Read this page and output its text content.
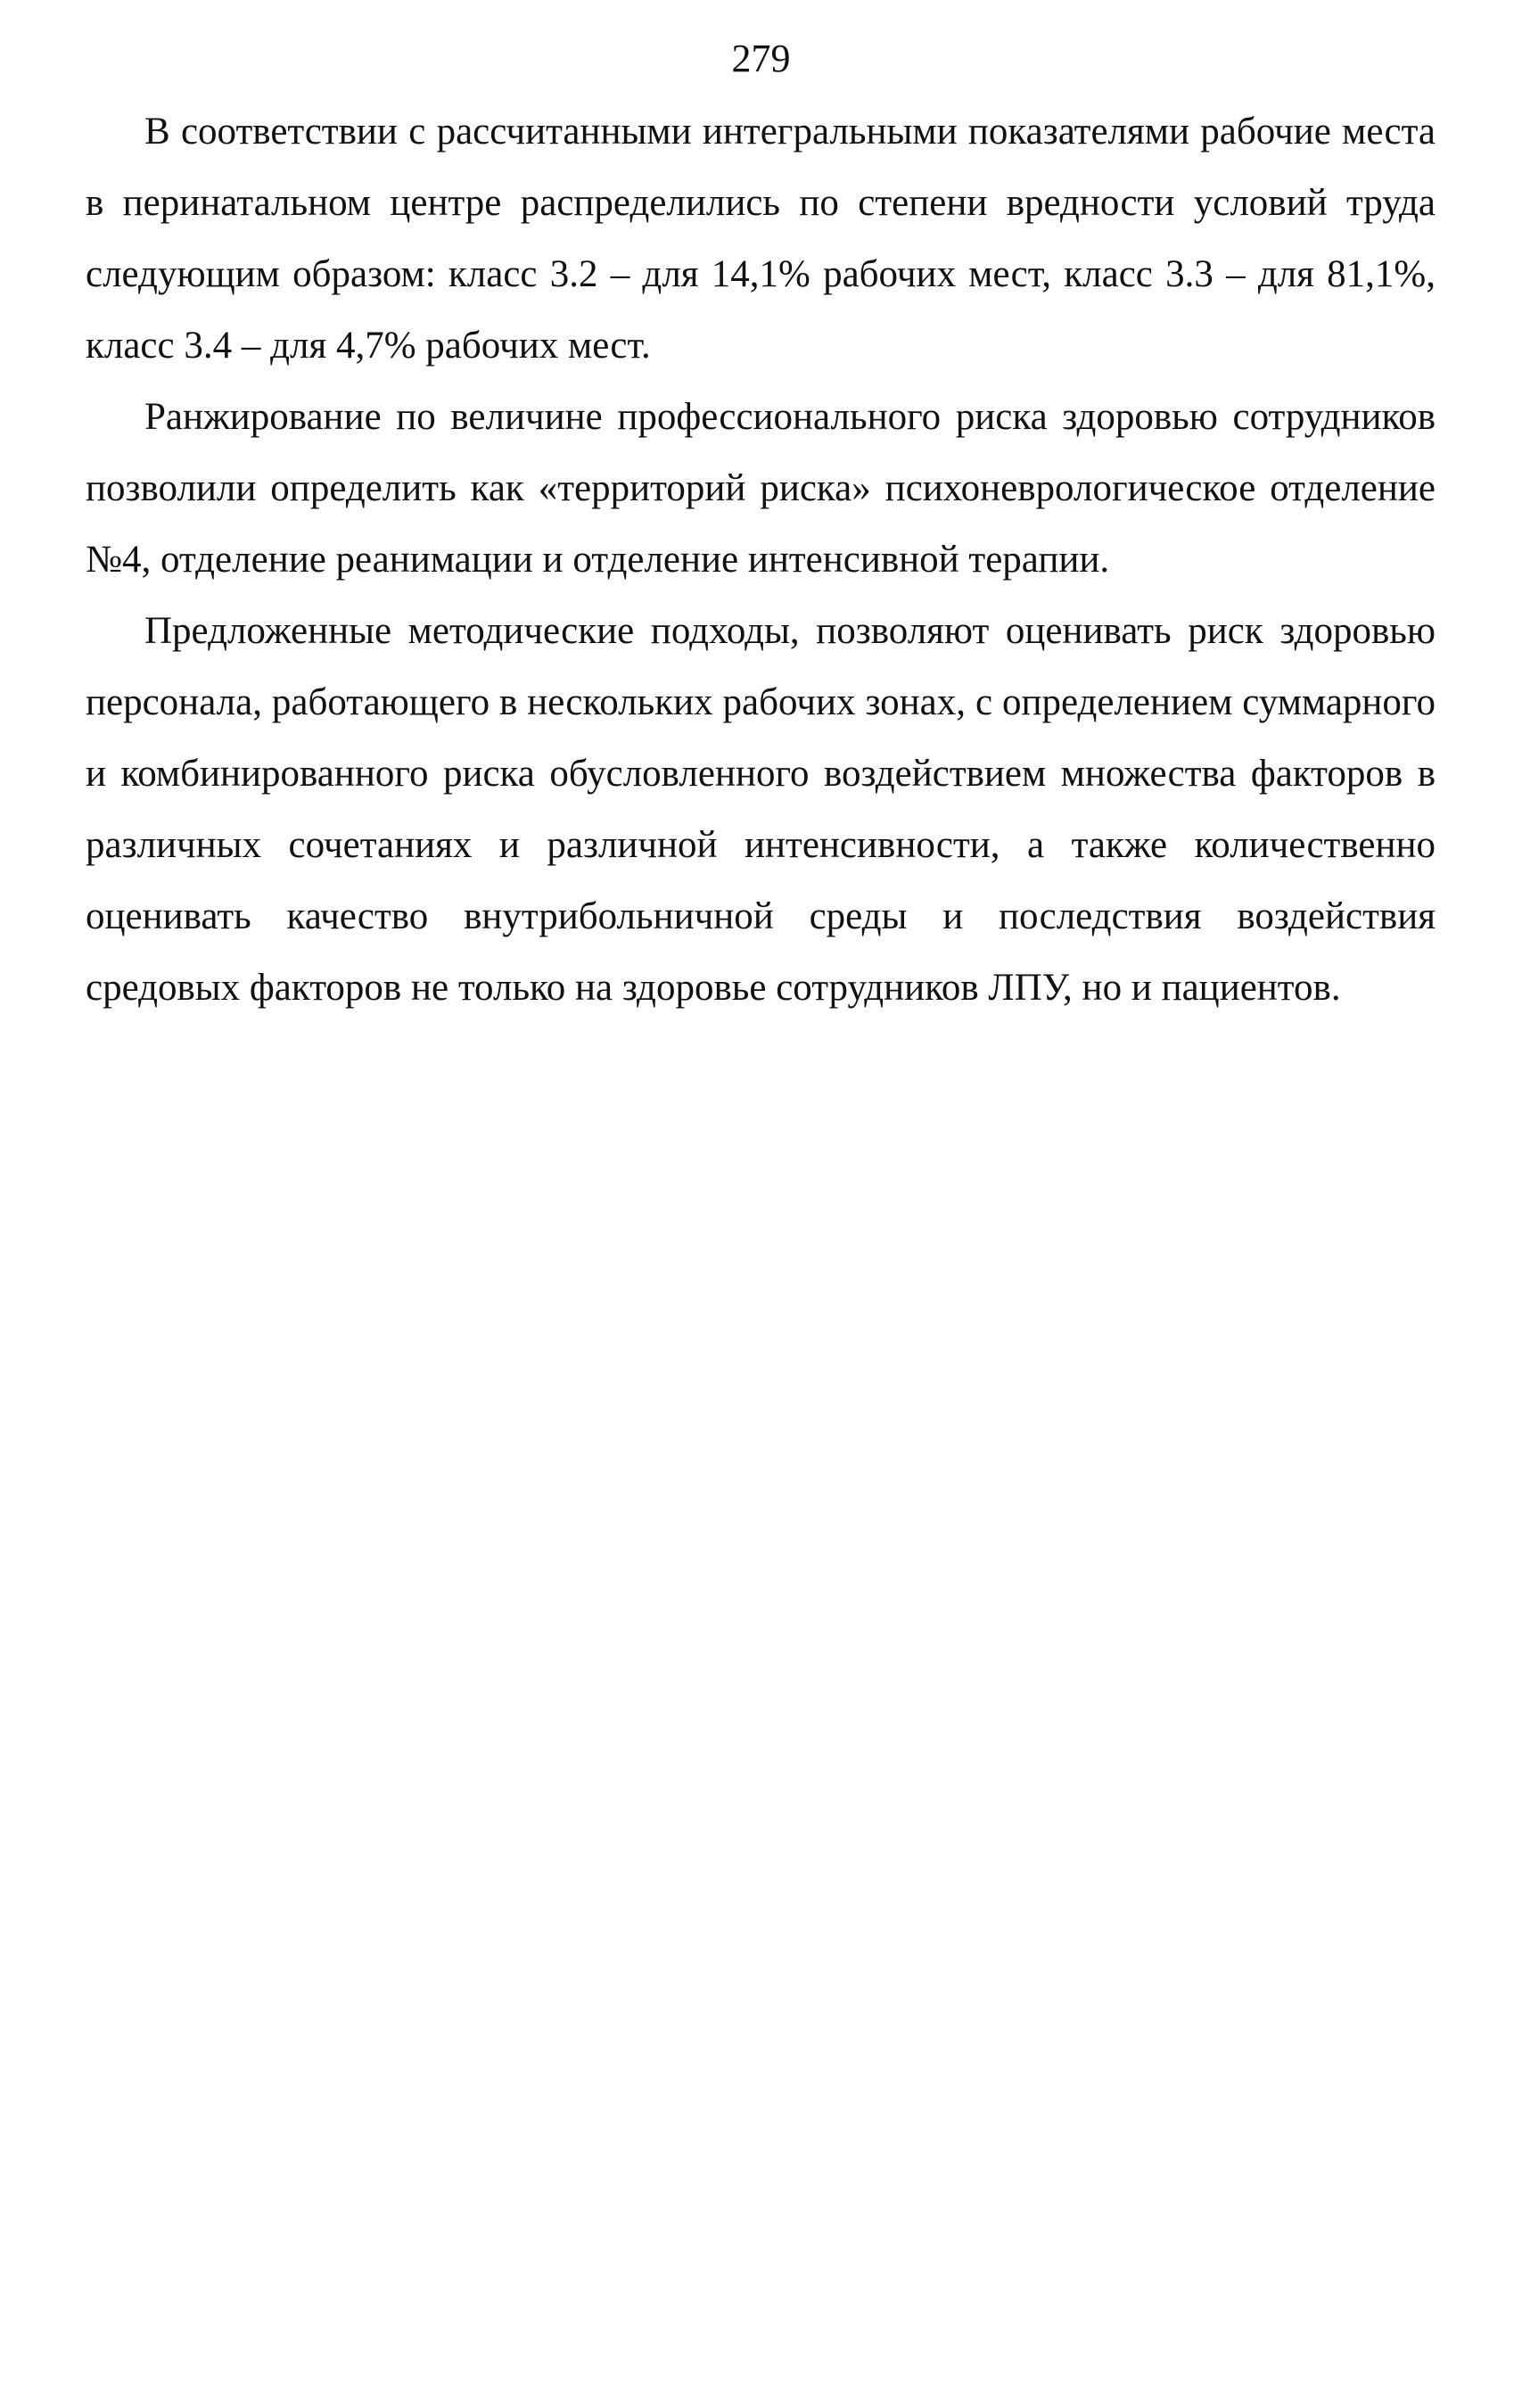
279

В соответствии с рассчитанными интегральными показателями рабочие места в перинатальном центре распределились по степени вредности условий труда следующим образом: класс 3.2 – для 14,1% рабочих мест, класс 3.3 – для 81,1%, класс 3.4 – для 4,7% рабочих мест.

Ранжирование по величине профессионального риска здоровью сотрудников позволили определить как «территорий риска» психоневрологическое отделение №4, отделение реанимации и отделение интенсивной терапии.

Предложенные методические подходы, позволяют оценивать риск здоровью персонала, работающего в нескольких рабочих зонах, с определением суммарного и комбинированного риска обусловленного воздействием множества факторов в различных сочетаниях и различной интенсивности, а также количественно оценивать качество внутрибольничной среды и последствия воздействия средовых факторов не только на здоровье сотрудников ЛПУ, но и пациентов.
